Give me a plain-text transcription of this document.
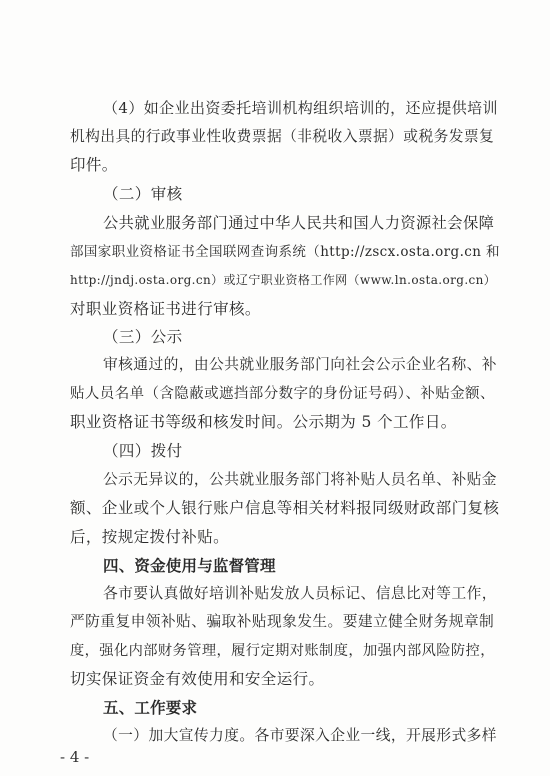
（4）如企业出资委托培训机构组织培训的，还应提供培训
机构出具的行政事业性收费票据（非税收入票据）或税务发票复
印件。
（二）审核
公共就业服务部门通过中华人民共和国人力资源社会保障
部国家职业资格证书全国联网查询系统（http://zscx.osta.org.cn 和
http://jndj.osta.org.cn）或辽宁职业资格工作网（www.ln.osta.org.cn）
对职业资格证书进行审核。
（三）公示
审核通过的，由公共就业服务部门向社会公示企业名称、补
贴人员名单（含隐蔽或遮挡部分数字的身份证号码）、补贴金额、
职业资格证书等级和核发时间。公示期为 5 个工作日。
（四）拨付
公示无异议的，公共就业服务部门将补贴人员名单、补贴金
额、企业或个人银行账户信息等相关材料报同级财政部门复核
后，按规定拨付补贴。
四、资金使用与监督管理
各市要认真做好培训补贴发放人员标记、信息比对等工作，
严防重复申领补贴、骗取补贴现象发生。要建立健全财务规章制
度，强化内部财务管理，履行定期对账制度，加强内部风险防控，
切实保证资金有效使用和安全运行。
五、工作要求
（一）加大宣传力度。各市要深入企业一线，开展形式多样
- 4 -
